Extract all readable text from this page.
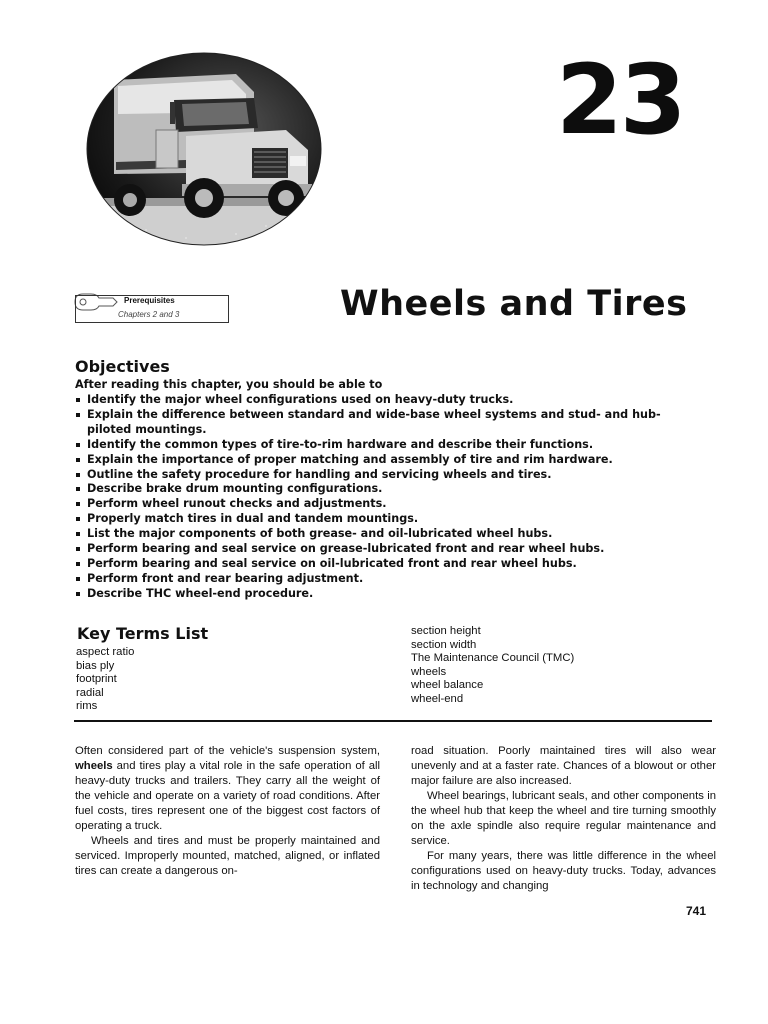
23
Prerequisites
Chapters 2 and 3	Wheels and Tires
Objectives
After reading this chapter, you should be able to
Identify the major wheel configurations used on heavy-duty trucks.
Explain the difference between standard and wide-base wheel systems and stud- and hub-piloted mountings.
Identify the common types of tire-to-rim hardware and describe their functions.
Explain the importance of proper matching and assembly of tire and rim hardware.
Outline the safety procedure for handling and servicing wheels and tires.
Describe brake drum mounting configurations.
Perform wheel runout checks and adjustments.
Properly match tires in dual and tandem mountings.
List the major components of both grease- and oil-lubricated wheel hubs.
Perform bearing and seal service on grease-lubricated front and rear wheel hubs.
Perform bearing and seal service on oil-lubricated front and rear wheel hubs.
Perform front and rear bearing adjustment.
Describe THC wheel-end procedure.
Key Terms List
aspect ratio
bias ply
footprint
radial
rims
section height
section width
The Maintenance Council (TMC)
wheels
wheel balance
wheel-end

Often considered part of the vehicle's suspension system, wheels and tires play a vital role in the safe operation of all heavy-duty trucks and trailers. They carry all the weight of the vehicle and operate on a variety of road conditions. After fuel costs, tires represent one of the biggest cost factors of operating a truck.

Wheels and tires and must be properly maintained and serviced. Improperly mounted, matched, aligned, or inflated tires can create a dangerous on-

road situation. Poorly maintained tires will also wear unevenly and at a faster rate. Chances of a blowout or other major failure are also increased.

Wheel bearings, lubricant seals, and other components in the wheel hub that keep the wheel and tire turning smoothly on the axle spindle also require regular maintenance and service.

For many years, there was little difference in the wheel configurations used on heavy-duty trucks. Today, advances in technology and changing

741
